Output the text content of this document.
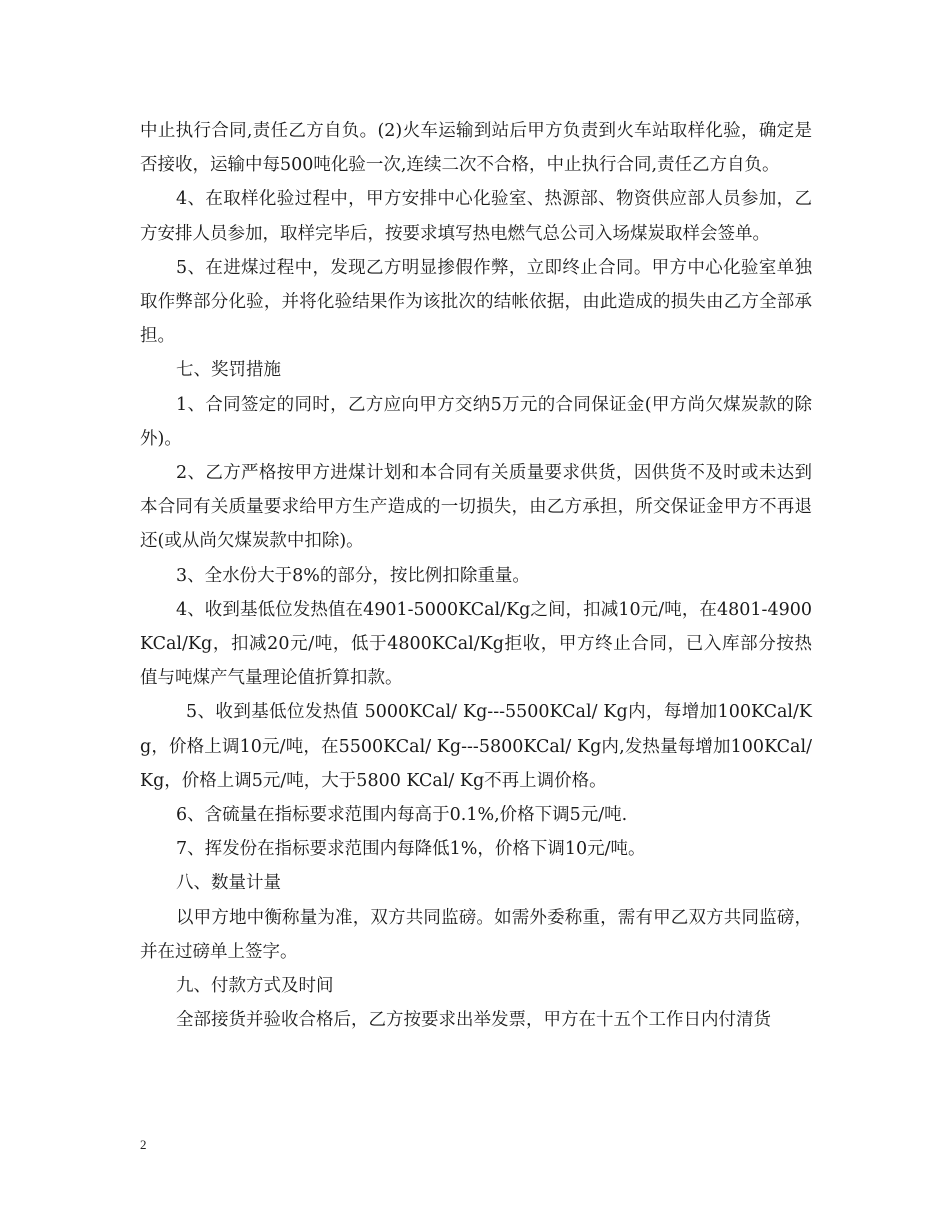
中止执行合同,责任乙方自负。(2)火车运输到站后甲方负责到火车站取样化验，确定是否接收，运输中每500吨化验一次,连续二次不合格，中止执行合同,责任乙方自负。

4、在取样化验过程中，甲方安排中心化验室、热源部、物资供应部人员参加，乙方安排人员参加，取样完毕后，按要求填写热电燃气总公司入场煤炭取样会签单。

5、在进煤过程中，发现乙方明显掺假作弊，立即终止合同。甲方中心化验室单独取作弊部分化验，并将化验结果作为该批次的结帐依据，由此造成的损失由乙方全部承担。

七、奖罚措施

1、合同签定的同时，乙方应向甲方交纳5万元的合同保证金(甲方尚欠煤炭款的除外)。

2、乙方严格按甲方进煤计划和本合同有关质量要求供货，因供货不及时或未达到本合同有关质量要求给甲方生产造成的一切损失，由乙方承担，所交保证金甲方不再退还(或从尚欠煤炭款中扣除)。

3、全水份大于8%的部分，按比例扣除重量。

4、收到基低位发热值在4901-5000KCal/Kg之间，扣减10元/吨，在4801-4900KCal/Kg，扣减20元/吨，低于4800KCal/Kg拒收，甲方终止合同，已入库部分按热值与吨煤产气量理论值折算扣款。

5、收到基低位发热值 5000KCal/ Kg---5500KCal/ Kg内，每增加100KCal/Kg，价格上调10元/吨，在5500KCal/ Kg---5800KCal/ Kg内,发热量每增加100KCal/ Kg，价格上调5元/吨，大于5800 KCal/ Kg不再上调价格。

6、含硫量在指标要求范围内每高于0.1%,价格下调5元/吨.

7、挥发份在指标要求范围内每降低1%，价格下调10元/吨。

八、数量计量

以甲方地中衡称量为准，双方共同监磅。如需外委称重，需有甲乙双方共同监磅，并在过磅单上签字。

九、付款方式及时间

全部接货并验收合格后，乙方按要求出举发票，甲方在十五个工作日内付清货

2
